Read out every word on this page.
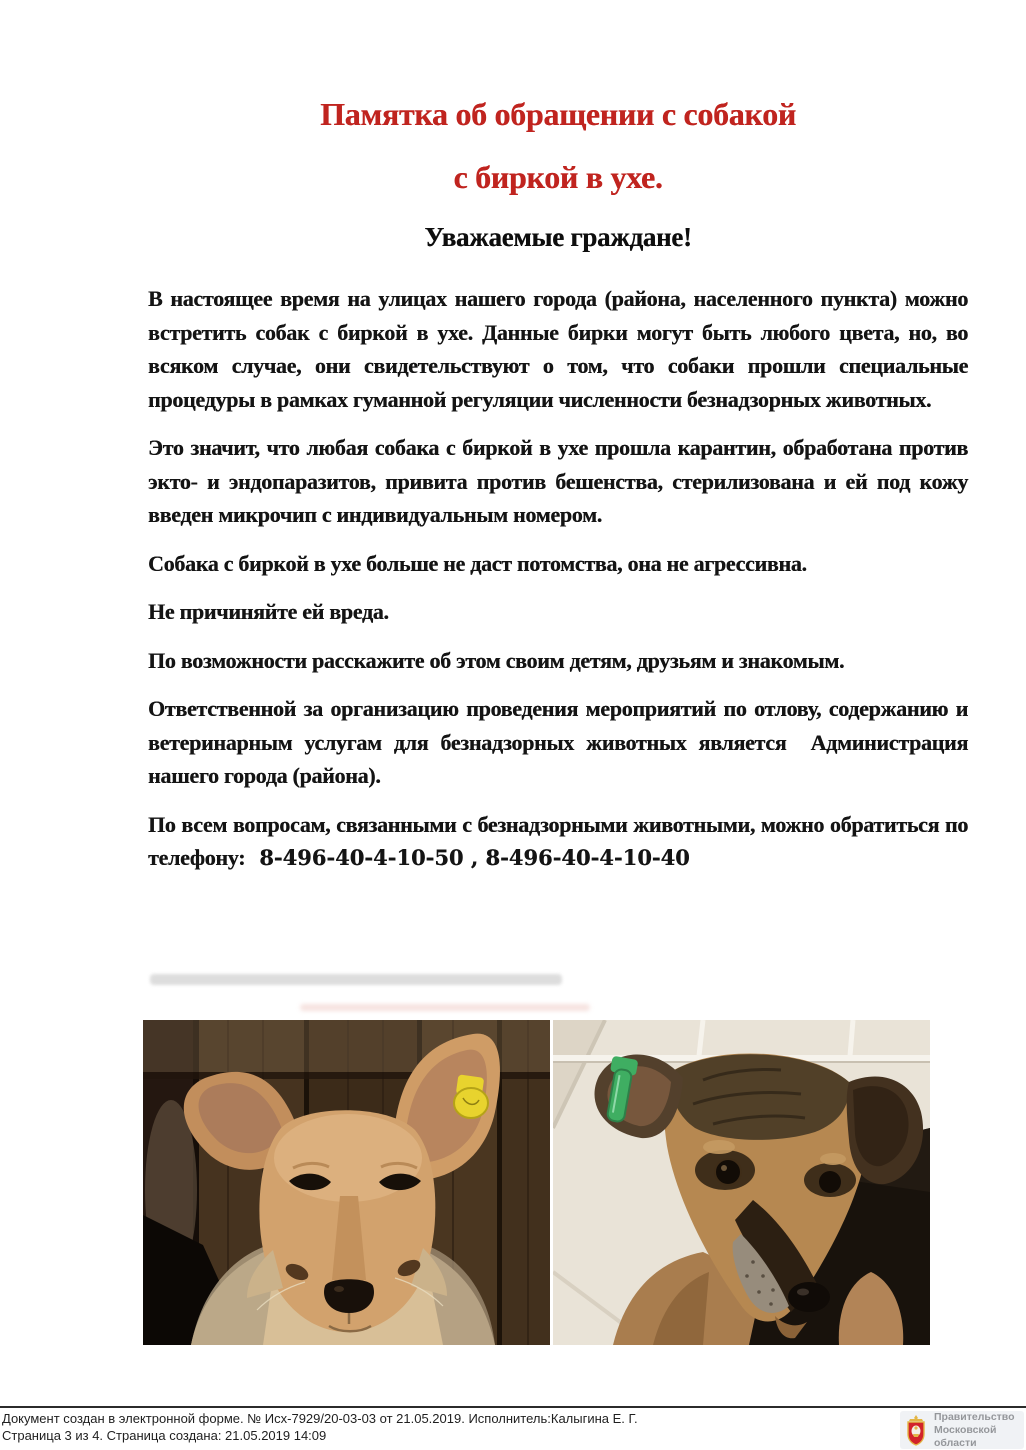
Памятка об обращении с собакой
с биркой в ухе.
Уважаемые граждане!

В настоящее время на улицах нашего города (района, населенного пункта) можно встретить собак с биркой в ухе. Данные бирки могут быть любого цвета, но, во всяком случае, они свидетельствуют о том, что собаки прошли специальные процедуры в рамках гуманной регуляции численности безнадзорных животных.

Это значит, что любая собака с биркой в ухе прошла карантин, обработана против экто- и эндопаразитов, привита против бешенства, стерилизована и ей под кожу введен микрочип с индивидуальным номером.

Собака с биркой в ухе больше не даст потомства, она не агрессивна.

Не причиняйте ей вреда.

По возможности расскажите об этом своим детям, друзьям и знакомым.

Ответственной за организацию проведения мероприятий по отлову, содержанию и ветеринарным услугам для безнадзорных животных является  Администрация нашего города (района).

По всем вопросам, связанными с безнадзорными животными, можно обратиться по телефону: 8-496-40-4-10-50 , 8-496-40-4-10-40

Документ создан в электронной форме. № Исх-7929/20-03-03 от 21.05.2019. Исполнитель:Калыгина Е. Г.
Страница 3 из 4. Страница создана: 21.05.2019 14:09
Правительство
Московской области
